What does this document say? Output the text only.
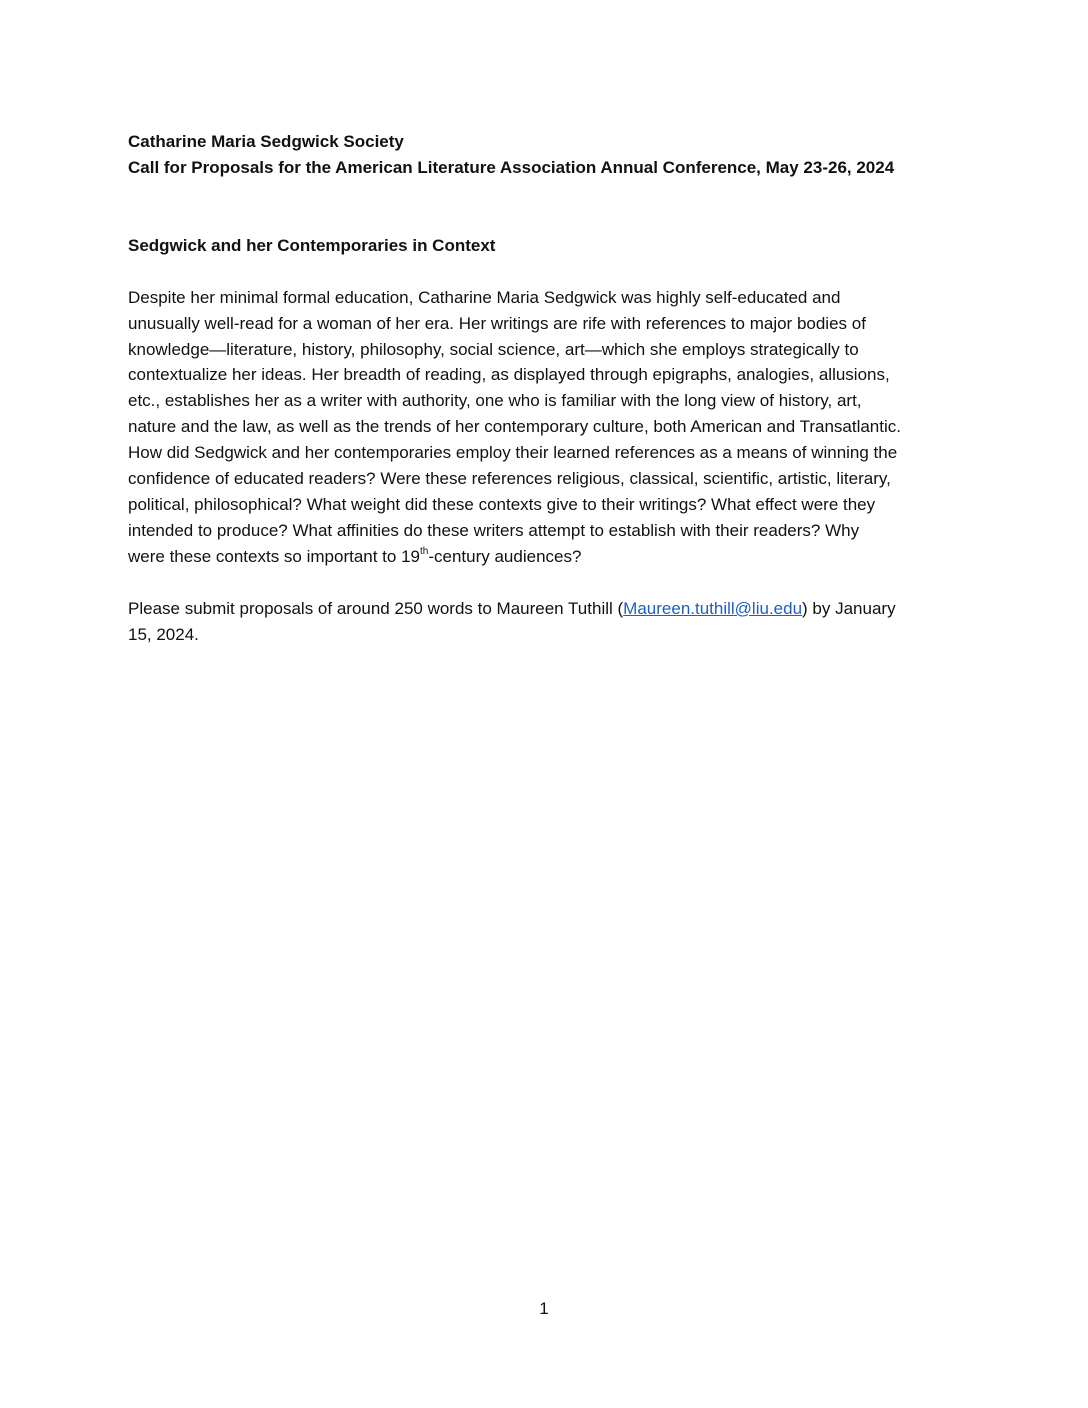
Catharine Maria Sedgwick Society
Call for Proposals for the American Literature Association Annual Conference, May 23-26, 2024
Sedgwick and her Contemporaries in Context
Despite her minimal formal education, Catharine Maria Sedgwick was highly self-educated and
unusually well-read for a woman of her era. Her writings are rife with references to major bodies of
knowledge—literature, history, philosophy, social science, art—which she employs strategically to
contextualize her ideas. Her breadth of reading, as displayed through epigraphs, analogies, allusions,
etc., establishes her as a writer with authority, one who is familiar with the long view of history, art,
nature and the law, as well as the trends of her contemporary culture, both American and Transatlantic.
How did Sedgwick and her contemporaries employ their learned references as a means of winning the
confidence of educated readers? Were these references religious, classical, scientific, artistic, literary,
political, philosophical? What weight did these contexts give to their writings? What effect were they
intended to produce? What affinities do these writers attempt to establish with their readers? Why
were these contexts so important to 19th-century audiences?
Please submit proposals of around 250 words to Maureen Tuthill (Maureen.tuthill@liu.edu) by January
15, 2024.
1
